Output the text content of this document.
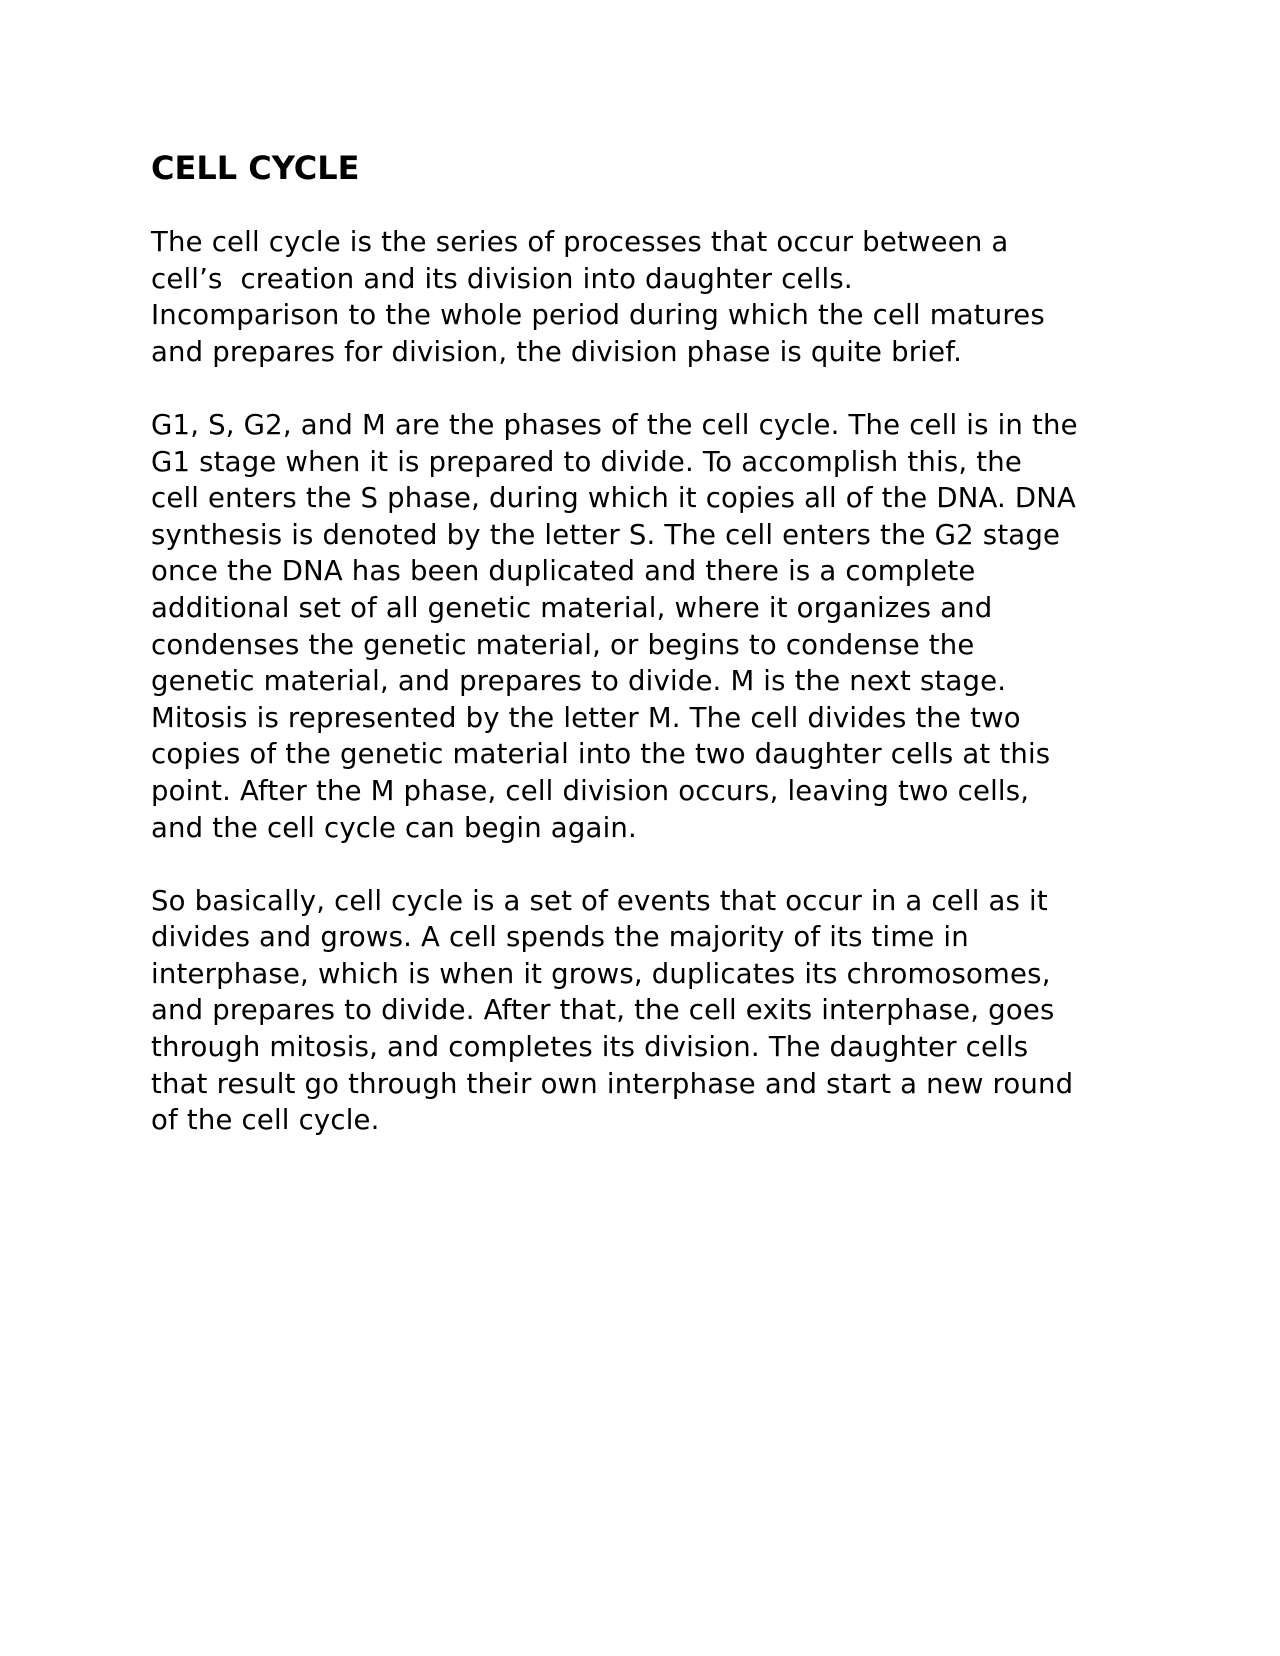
CELL CYCLE

The cell cycle is the series of processes that occur between a
cell’s  creation and its division into daughter cells.
Incomparison to the whole period during which the cell matures
and prepares for division, the division phase is quite brief.

G1, S, G2, and M are the phases of the cell cycle. The cell is in the
G1 stage when it is prepared to divide. To accomplish this, the
cell enters the S phase, during which it copies all of the DNA. DNA
synthesis is denoted by the letter S. The cell enters the G2 stage
once the DNA has been duplicated and there is a complete
additional set of all genetic material, where it organizes and
condenses the genetic material, or begins to condense the
genetic material, and prepares to divide. M is the next stage.
Mitosis is represented by the letter M. The cell divides the two
copies of the genetic material into the two daughter cells at this
point. After the M phase, cell division occurs, leaving two cells,
and the cell cycle can begin again.

So basically, cell cycle is a set of events that occur in a cell as it
divides and grows. A cell spends the majority of its time in
interphase, which is when it grows, duplicates its chromosomes,
and prepares to divide. After that, the cell exits interphase, goes
through mitosis, and completes its division. The daughter cells
that result go through their own interphase and start a new round
of the cell cycle.
